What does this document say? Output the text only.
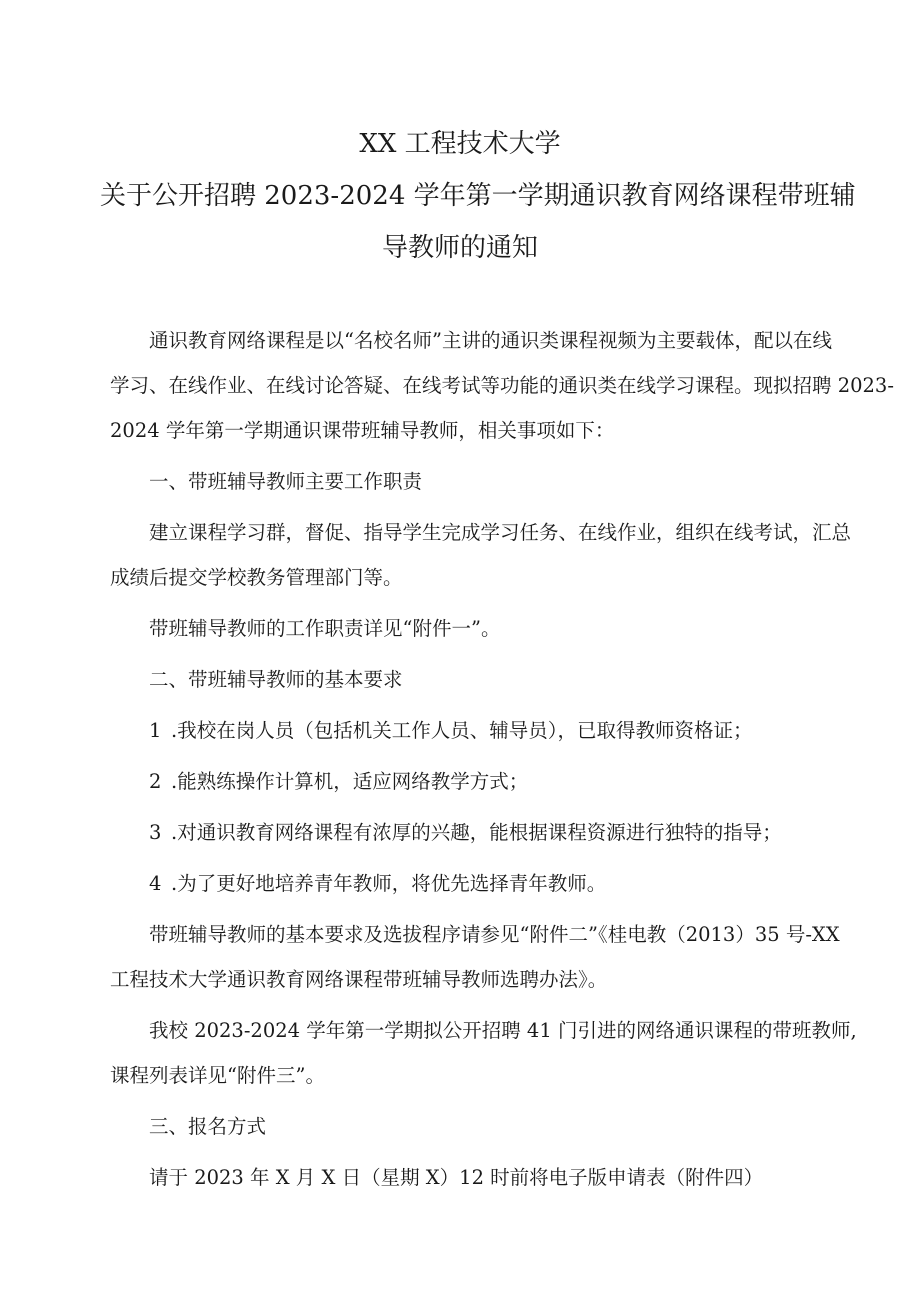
XX 工程技术大学
关于公开招聘 2023-2024 学年第一学期通识教育网络课程带班辅
导教师的通知
通识教育网络课程是以“名校名师”主讲的通识类课程视频为主要载体，配以在线
学习、在线作业、在线讨论答疑、在线考试等功能的通识类在线学习课程。现拟招聘 2023-
2024 学年第一学期通识课带班辅导教师，相关事项如下：
一、带班辅导教师主要工作职责
建立课程学习群，督促、指导学生完成学习任务、在线作业，组织在线考试，汇总
成绩后提交学校教务管理部门等。
带班辅导教师的工作职责详见“附件一”。
二、带班辅导教师的基本要求
1 .我校在岗人员（包括机关工作人员、辅导员），已取得教师资格证；
2 .能熟练操作计算机，适应网络教学方式；
3 .对通识教育网络课程有浓厚的兴趣，能根据课程资源进行独特的指导；
4 .为了更好地培养青年教师，将优先选择青年教师。
带班辅导教师的基本要求及选拔程序请参见“附件二”《桂电教（2013）35 号-XX
工程技术大学通识教育网络课程带班辅导教师选聘办法》。
我校 2023-2024 学年第一学期拟公开招聘 41 门引进的网络通识课程的带班教师,
课程列表详见“附件三”。
三、报名方式
请于 2023 年 X 月 X 日（星期 X）12 时前将电子版申请表（附件四）
